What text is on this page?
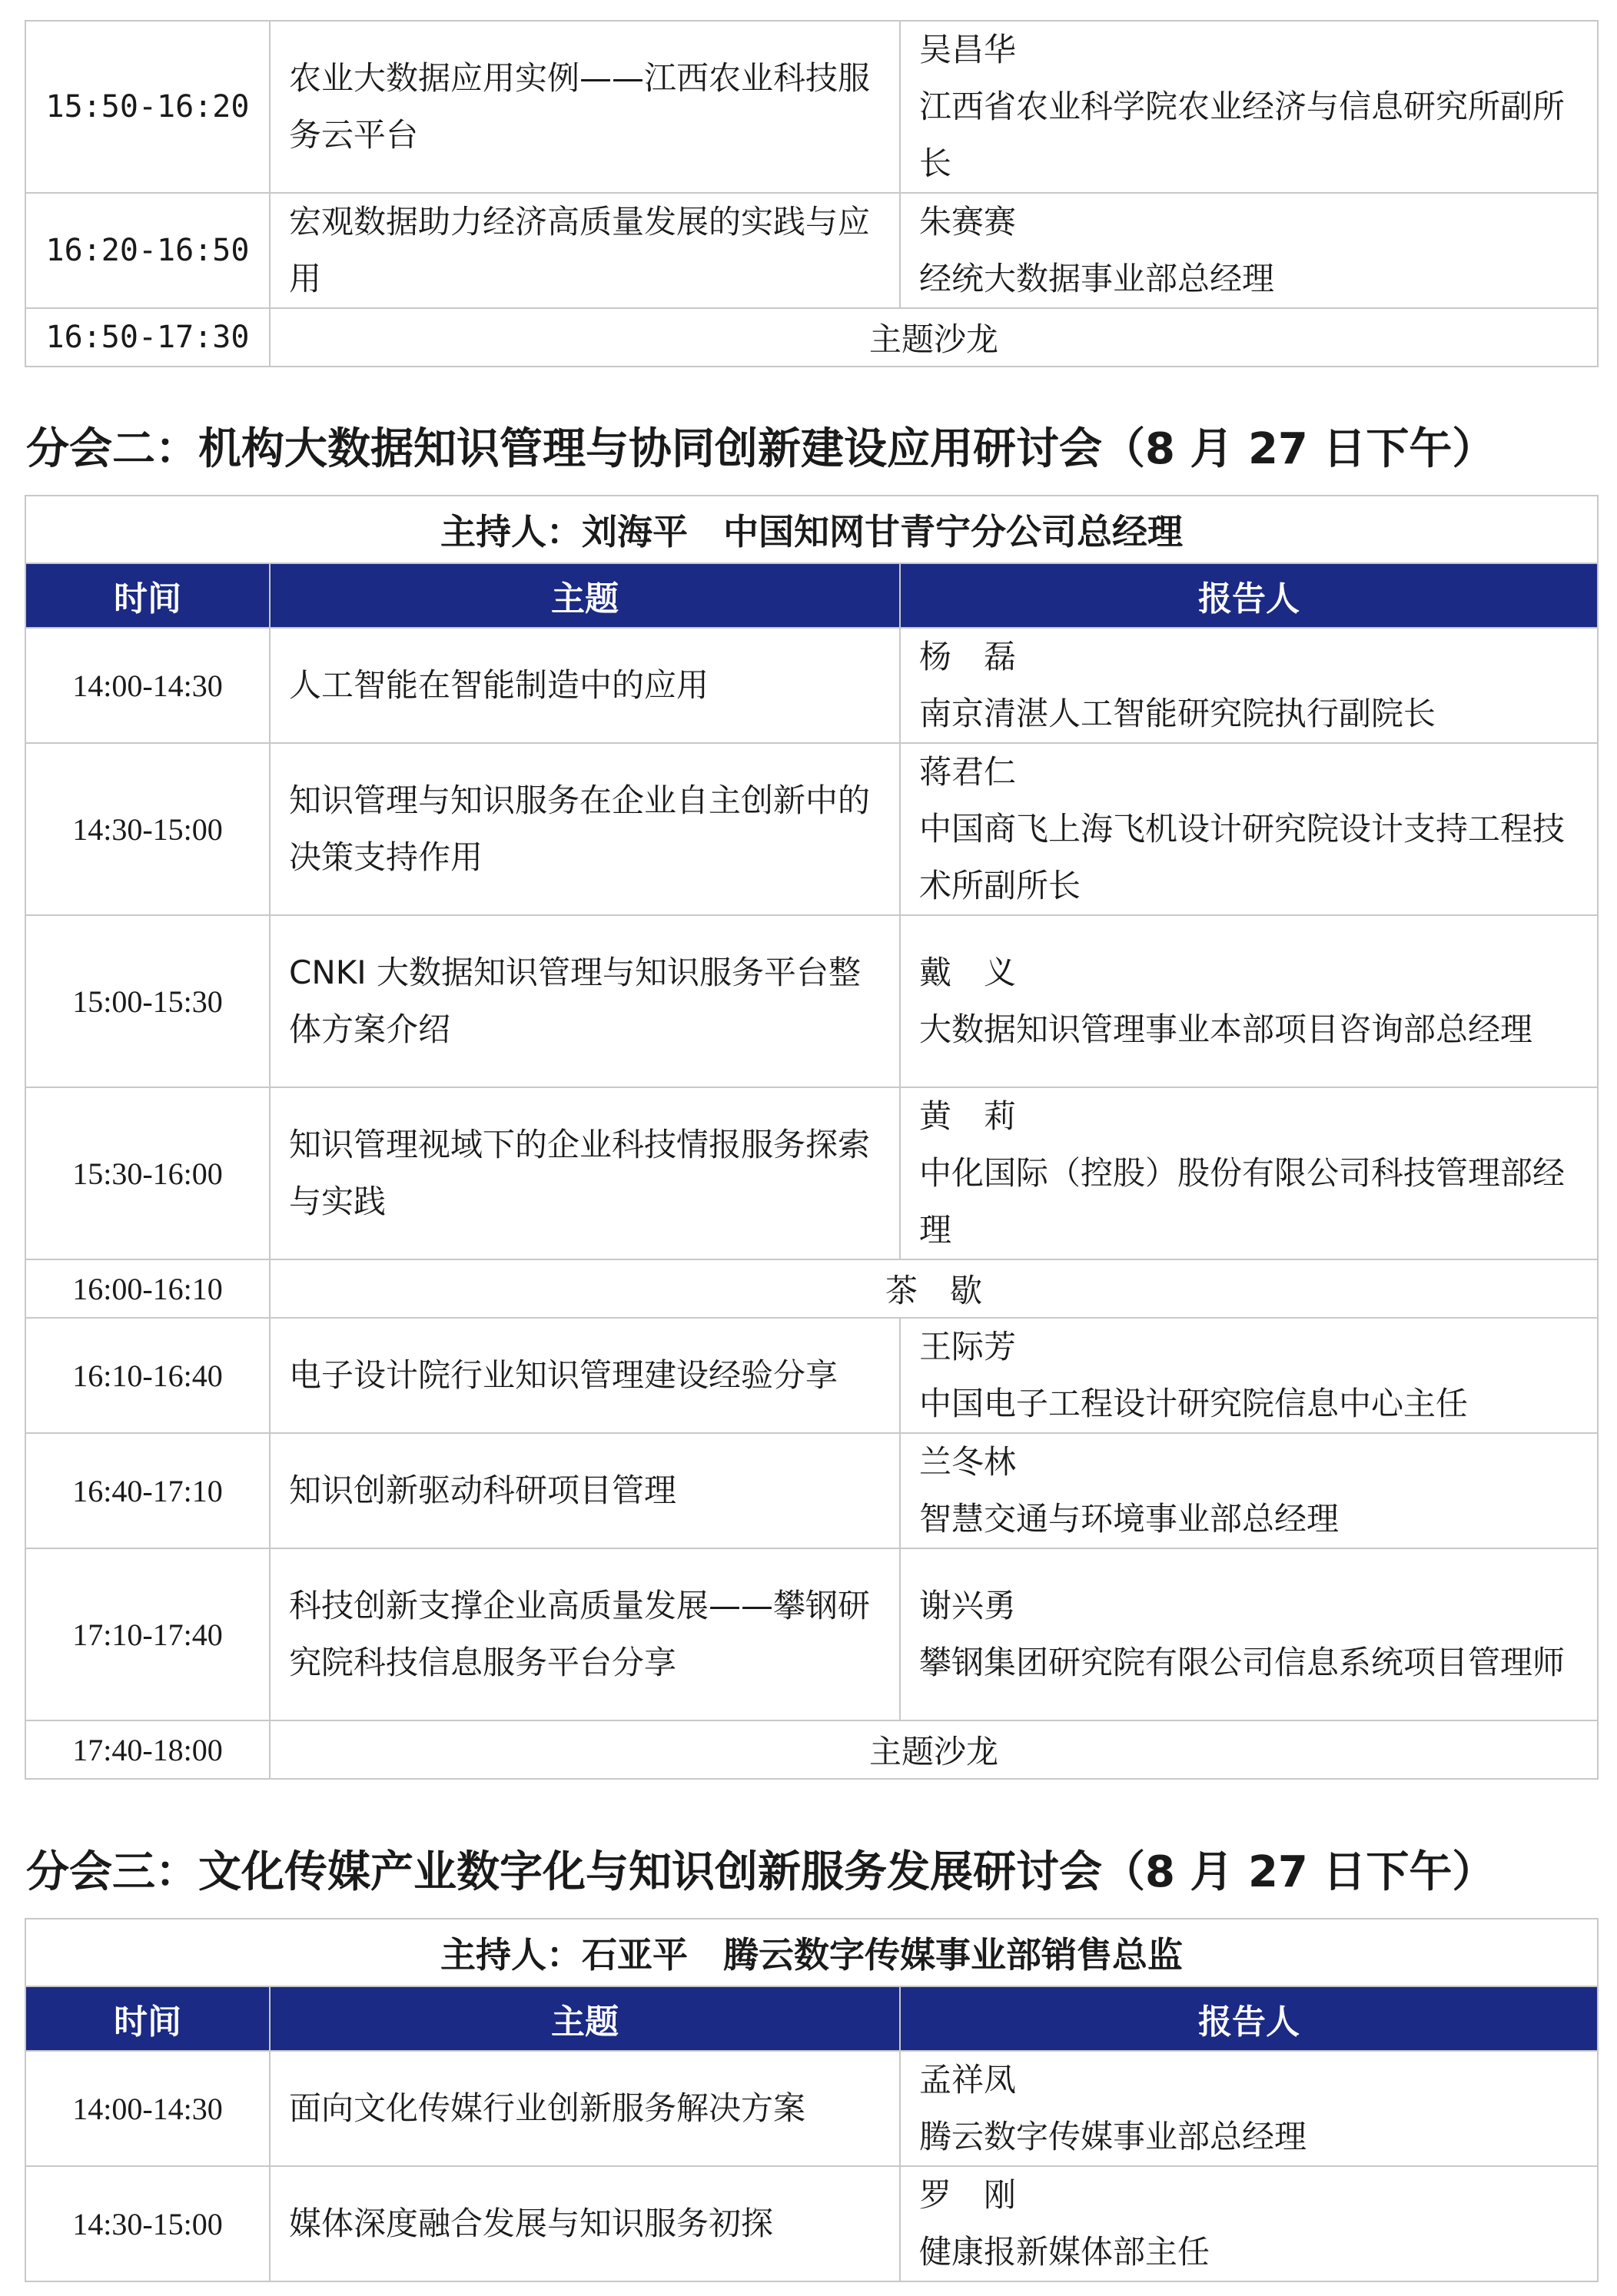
15:50-16:20	农业大数据应用实例——江西农业科技服务云平台	吴昌华
江西省农业科学院农业经济与信息研究所副所长

16:20-16:50	宏观数据助力经济高质量发展的实践与应用	朱赛赛
经统大数据事业部总经理

16:50-17:30	主题沙龙	
分会二：机构大数据知识管理与协同创新建设应用研讨会（8 月 27 日下午）
主持人：刘海平　中国知网甘青宁分公司总经理		
时间	主题	报告人
14:00-14:30	人工智能在智能制造中的应用	杨　磊
南京清湛人工智能研究院执行副院长

14:30-15:00	知识管理与知识服务在企业自主创新中的决策支持作用	蒋君仁
中国商飞上海飞机设计研究院设计支持工程技术所副所长

15:00-15:30	CNKI 大数据知识管理与知识服务平台整体方案介绍	戴　义
大数据知识管理事业本部项目咨询部总经理

15:30-16:00	知识管理视域下的企业科技情报服务探索与实践	黄　莉
中化国际（控股）股份有限公司科技管理部经理

16:00-16:10	茶　歇	
16:10-16:40	电子设计院行业知识管理建设经验分享	王际芳
中国电子工程设计研究院信息中心主任

16:40-17:10	知识创新驱动科研项目管理	兰冬林
智慧交通与环境事业部总经理

17:10-17:40	科技创新支撑企业高质量发展——攀钢研究院科技信息服务平台分享	谢兴勇
攀钢集团研究院有限公司信息系统项目管理师

17:40-18:00	主题沙龙	
分会三：文化传媒产业数字化与知识创新服务发展研讨会（8 月 27 日下午）
主持人：石亚平　腾云数字传媒事业部销售总监		
时间	主题	报告人
14:00-14:30	面向文化传媒行业创新服务解决方案	孟祥凤
腾云数字传媒事业部总经理

14:30-15:00	媒体深度融合发展与知识服务初探	罗　刚
健康报新媒体部主任
